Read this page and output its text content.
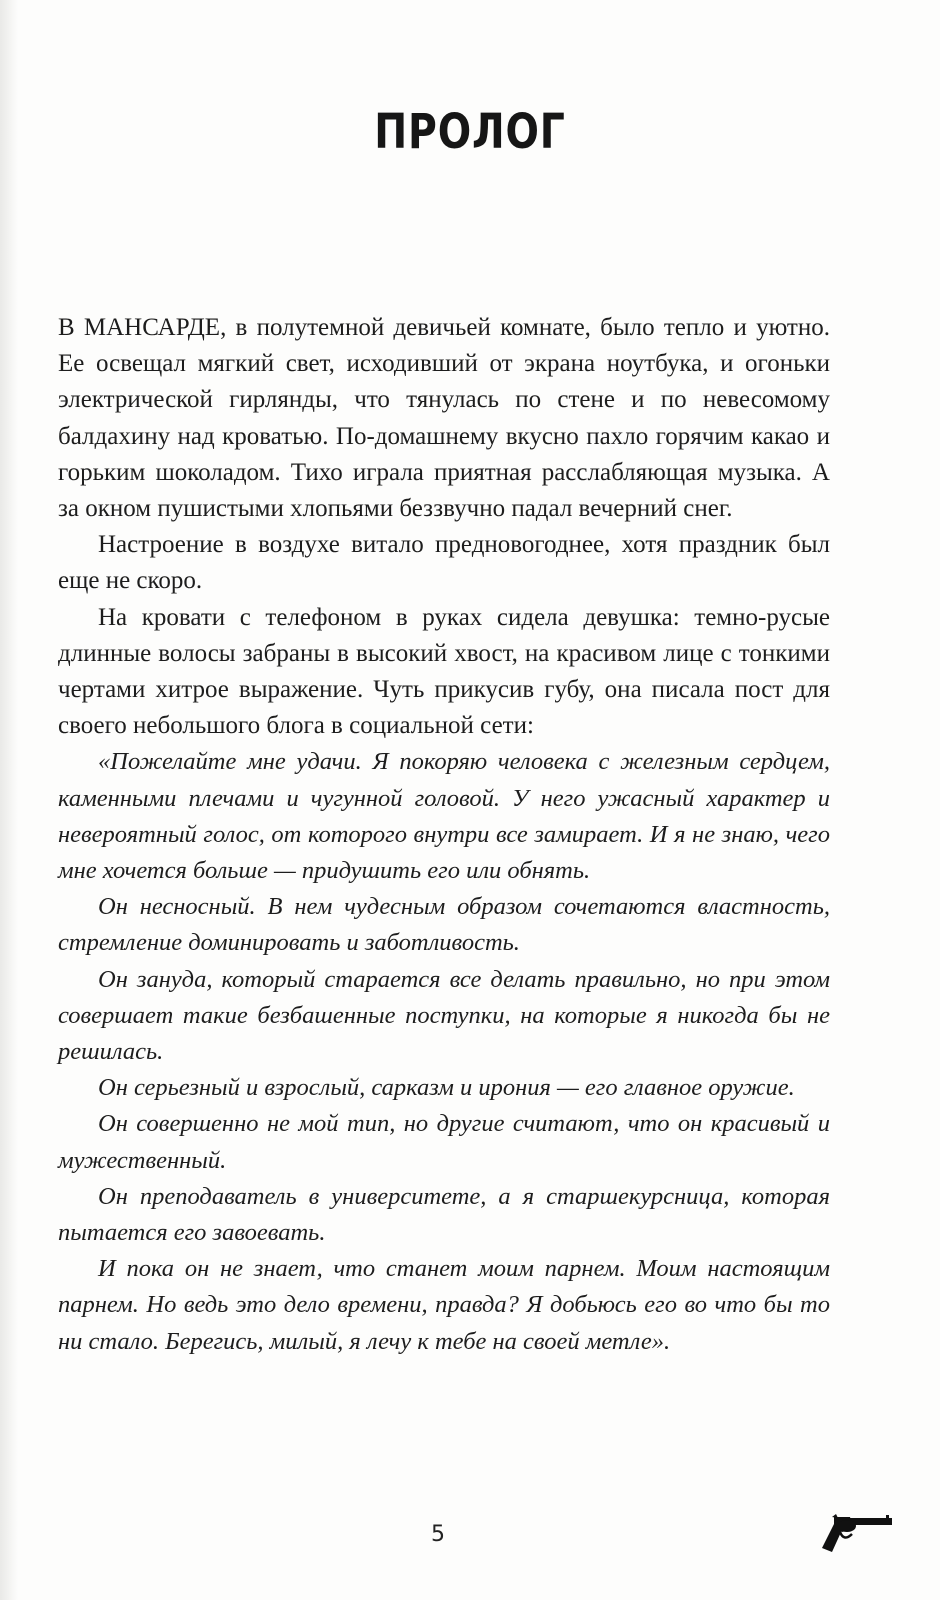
ПРОЛОГ

В МАНСАРДЕ, в полутемной девичьей комнате, было тепло и уютно. Ее освещал мягкий свет, исходивший от экрана ноутбука, и огоньки электрической гирлянды, что тянулась по стене и по невесомому балдахину над кроватью. По-домашнему вкусно пахло горячим какао и горьким шоколадом. Тихо играла приятная расслабляющая музыка. А за окном пушистыми хлопьями беззвучно падал вечерний снег.

Настроение в воздухе витало предновогоднее, хотя праздник был еще не скоро.

На кровати с телефоном в руках сидела девушка: темно-русые длинные волосы забраны в высокий хвост, на красивом лице с тонкими чертами хитрое выражение. Чуть прикусив губу, она писала пост для своего небольшого блога в социальной сети:

«Пожелайте мне удачи. Я покоряю человека с железным сердцем, каменными плечами и чугунной головой. У него ужасный характер и невероятный голос, от которого внутри все замирает. И я не знаю, чего мне хочется больше — придушить его или обнять.

Он несносный. В нем чудесным образом сочетаются властность, стремление доминировать и заботливость.

Он зануда, который старается все делать правильно, но при этом совершает такие безбашенные поступки, на которые я никогда бы не решилась.

Он серьезный и взрослый, сарказм и ирония — его главное оружие.

Он совершенно не мой тип, но другие считают, что он красивый и мужественный.

Он преподаватель в университете, а я старшекурсница, которая пытается его завоевать.

И пока он не знает, что станет моим парнем. Моим настоящим парнем. Но ведь это дело времени, правда? Я добьюсь его во что бы то ни стало. Берегись, милый, я лечу к тебе на своей метле».

5
